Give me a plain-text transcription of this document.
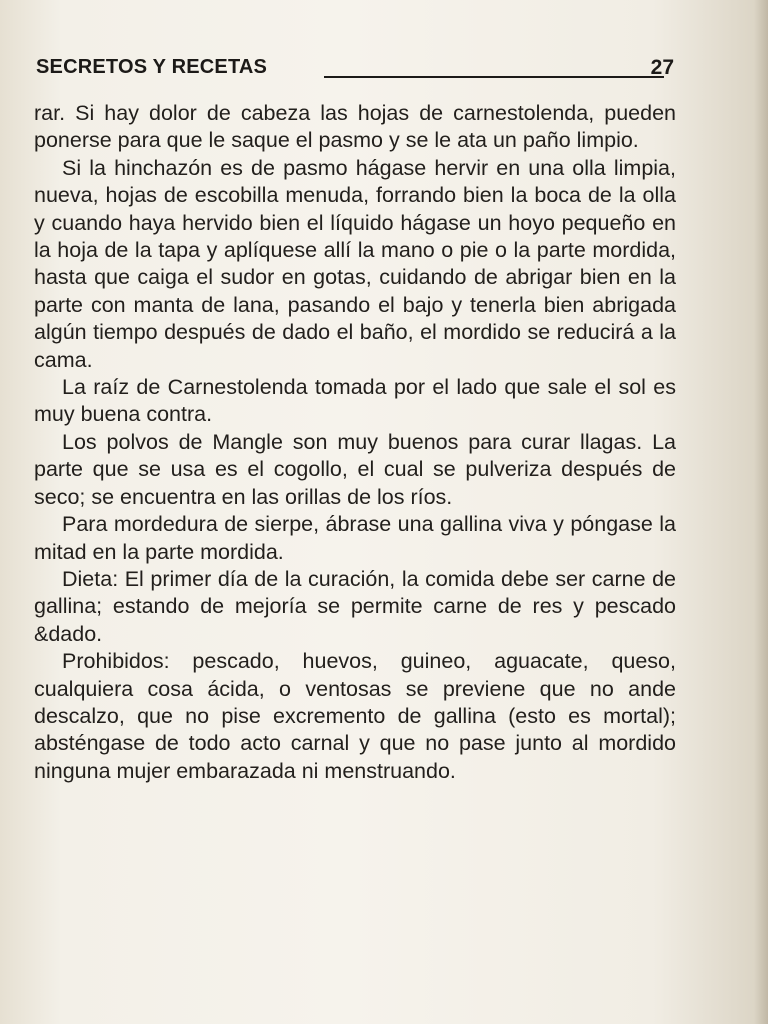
SECRETOS Y RECETAS	27

rar. Si hay dolor de cabeza las hojas de carnestolenda, pueden ponerse para que le saque el pasmo y se le ata un paño limpio.

Si la hinchazón es de pasmo hágase hervir en una olla limpia, nueva, hojas de escobilla menuda, forrando bien la boca de la olla y cuando haya hervido bien el líquido hágase un hoyo pequeño en la hoja de la tapa y aplíquese allí la mano o pie o la parte mordida, hasta que caiga el sudor en gotas, cuidando de abrigar bien en la parte con manta de lana, pasando el bajo y tenerla bien abrigada algún tiempo después de dado el baño, el mordido se reducirá a la cama.

La raíz de Carnestolenda tomada por el lado que sale el sol es muy buena contra.

Los polvos de Mangle son muy buenos para curar llagas. La parte que se usa es el cogollo, el cual se pulveriza después de seco; se encuentra en las orillas de los ríos.

Para mordedura de sierpe, ábrase una gallina viva y póngase la mitad en la parte mordida.

Dieta: El primer día de la curación, la comida debe ser carne de gallina; estando de mejoría se permite carne de res y pescado &dado.

Prohibidos: pescado, huevos, guineo, aguacate, queso, cualquiera cosa ácida, o ventosas se previene que no ande descalzo, que no pise excremento de gallina (esto es mortal); absténgase de todo acto carnal y que no pase junto al mordido ninguna mujer embarazada ni menstruando.
